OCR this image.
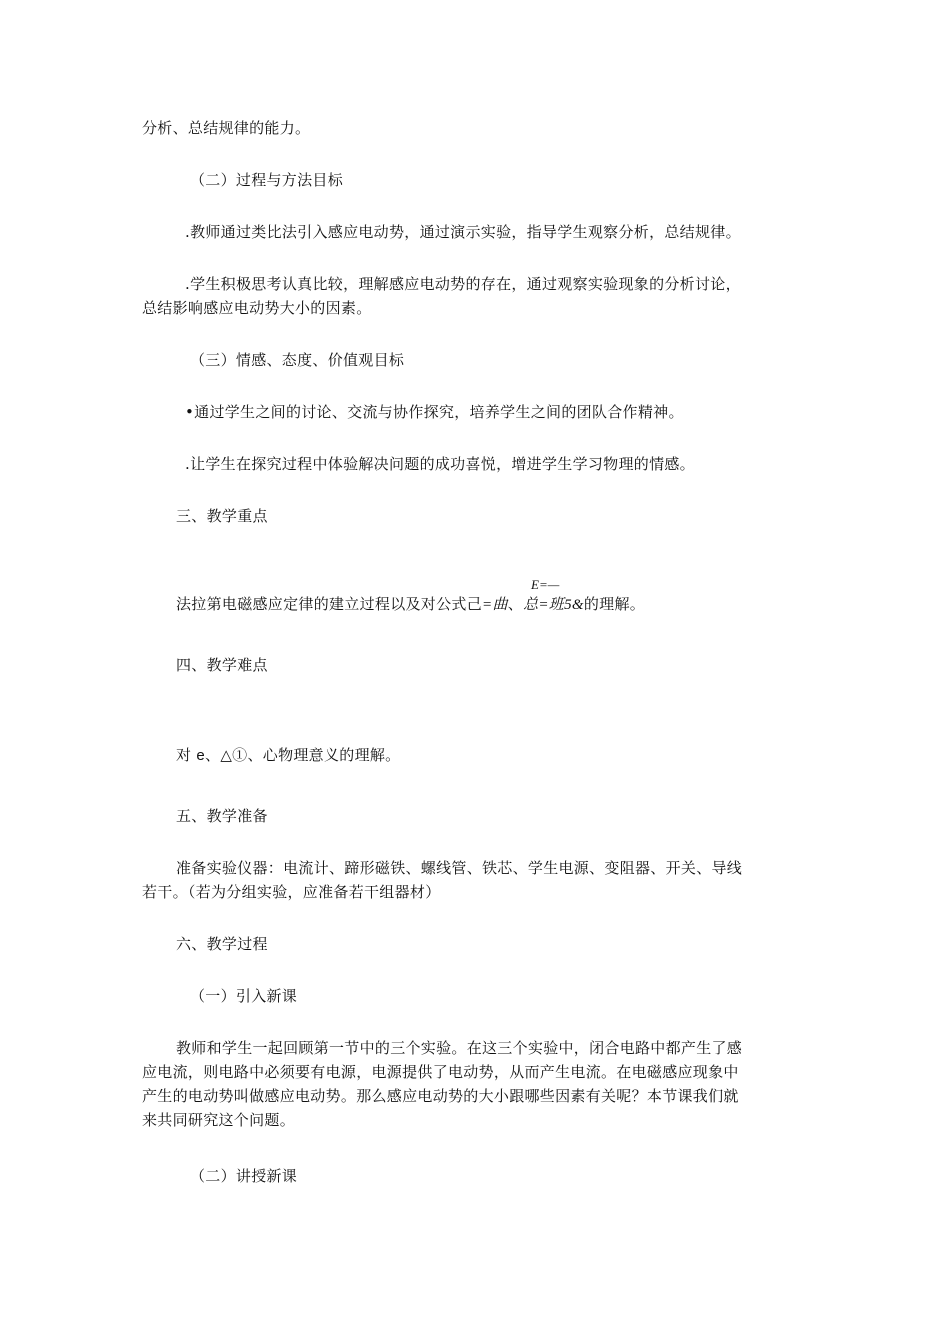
分析、总结规律的能力。
（二）过程与方法目标
.教师通过类比法引入感应电动势，通过演示实验，指导学生观察分析，总结规律。
.学生积极思考认真比较，理解感应电动势的存在，通过观察实验现象的分析讨论，
总结影响感应电动势大小的因素。
（三）情感、态度、价值观目标
•通过学生之间的讨论、交流与协作探究，培养学生之间的团队合作精神。
.让学生在探究过程中体验解决问题的成功喜悦，增进学生学习物理的情感。
三、教学重点
E=—
法拉第电磁感应定律的建立过程以及对公式己=曲、总=班5&的理解。
四、教学难点
对 e、△①、心物理意义的理解。
五、教学准备
准备实验仪器：电流计、蹄形磁铁、螺线管、铁芯、学生电源、变阻器、开关、导线
若干。（若为分组实验，应准备若干组器材）
六、教学过程
（一）引入新课
教师和学生一起回顾第一节中的三个实验。在这三个实验中，闭合电路中都产生了感
应电流，则电路中必须要有电源，电源提供了电动势，从而产生电流。在电磁感应现象中
产生的电动势叫做感应电动势。那么感应电动势的大小跟哪些因素有关呢？本节课我们就
来共同研究这个问题。
（二）讲授新课
